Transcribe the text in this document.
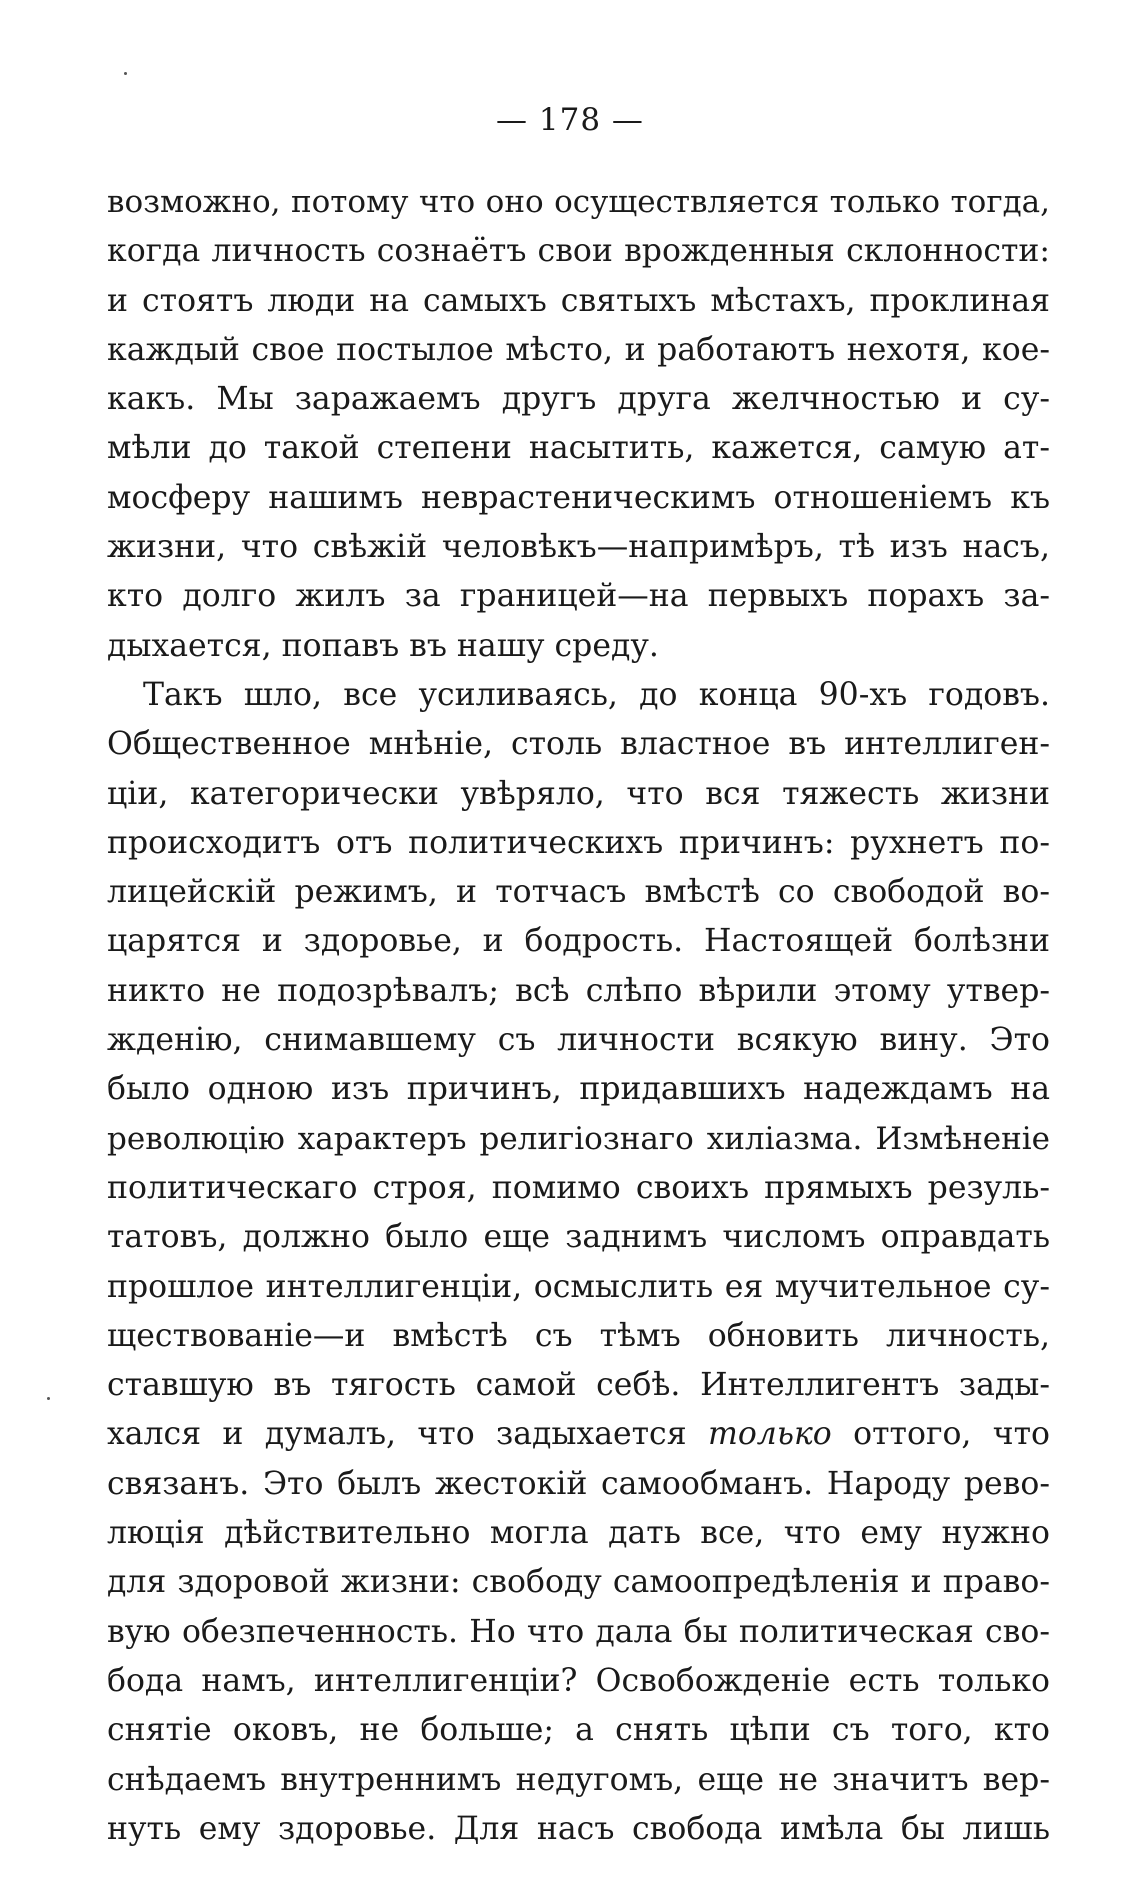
— 178 —
возможно, потому что оно осуществляется только тогда,
когда личность сознаётъ свои врожденныя склонности:
и стоятъ люди на самыхъ святыхъ мѣстахъ, проклиная
каждый свое постылое мѣсто, и работаютъ нехотя, кое-
какъ. Мы заражаемъ другъ друга желчностью и су-
мѣли до такой степени насытить, кажется, самую ат-
мосферу нашимъ неврастеническимъ отношеніемъ къ
жизни, что свѣжій человѣкъ—напримѣръ, тѣ изъ насъ,
кто долго жилъ за границей—на первыхъ порахъ за-
дыхается, попавъ въ нашу среду.
Такъ шло, все усиливаясь, до конца 90-хъ годовъ.
Общественное мнѣніе, столь властное въ интеллиген-
ціи, категорически увѣряло, что вся тяжесть жизни
происходитъ отъ политическихъ причинъ: рухнетъ по-
лицейскій режимъ, и тотчасъ вмѣстѣ со свободой во-
царятся и здоровье, и бодрость. Настоящей болѣзни
никто не подозрѣвалъ; всѣ слѣпо вѣрили этому утвер-
жденію, снимавшему съ личности всякую вину. Это
было одною изъ причинъ, придавшихъ надеждамъ на
революцію характеръ религіознаго хиліазма. Измѣненіе
политическаго строя, помимо своихъ прямыхъ резуль-
татовъ, должно было еще заднимъ числомъ оправдать
прошлое интеллигенціи, осмыслить ея мучительное су-
ществованіе—и вмѣстѣ съ тѣмъ обновить личность,
ставшую въ тягость самой себѣ. Интеллигентъ зады-
хался и думалъ, что задыхается только оттого, что
связанъ. Это былъ жестокій самообманъ. Народу рево-
люція дѣйствительно могла дать все, что ему нужно
для здоровой жизни: свободу самоопредѣленія и право-
вую обезпеченность. Но что дала бы политическая сво-
бода намъ, интеллигенціи? Освобожденіе есть только
снятіе оковъ, не больше; а снять цѣпи съ того, кто
снѣдаемъ внутреннимъ недугомъ, еще не значитъ вер-
нуть ему здоровье. Для насъ свобода имѣла бы лишь
